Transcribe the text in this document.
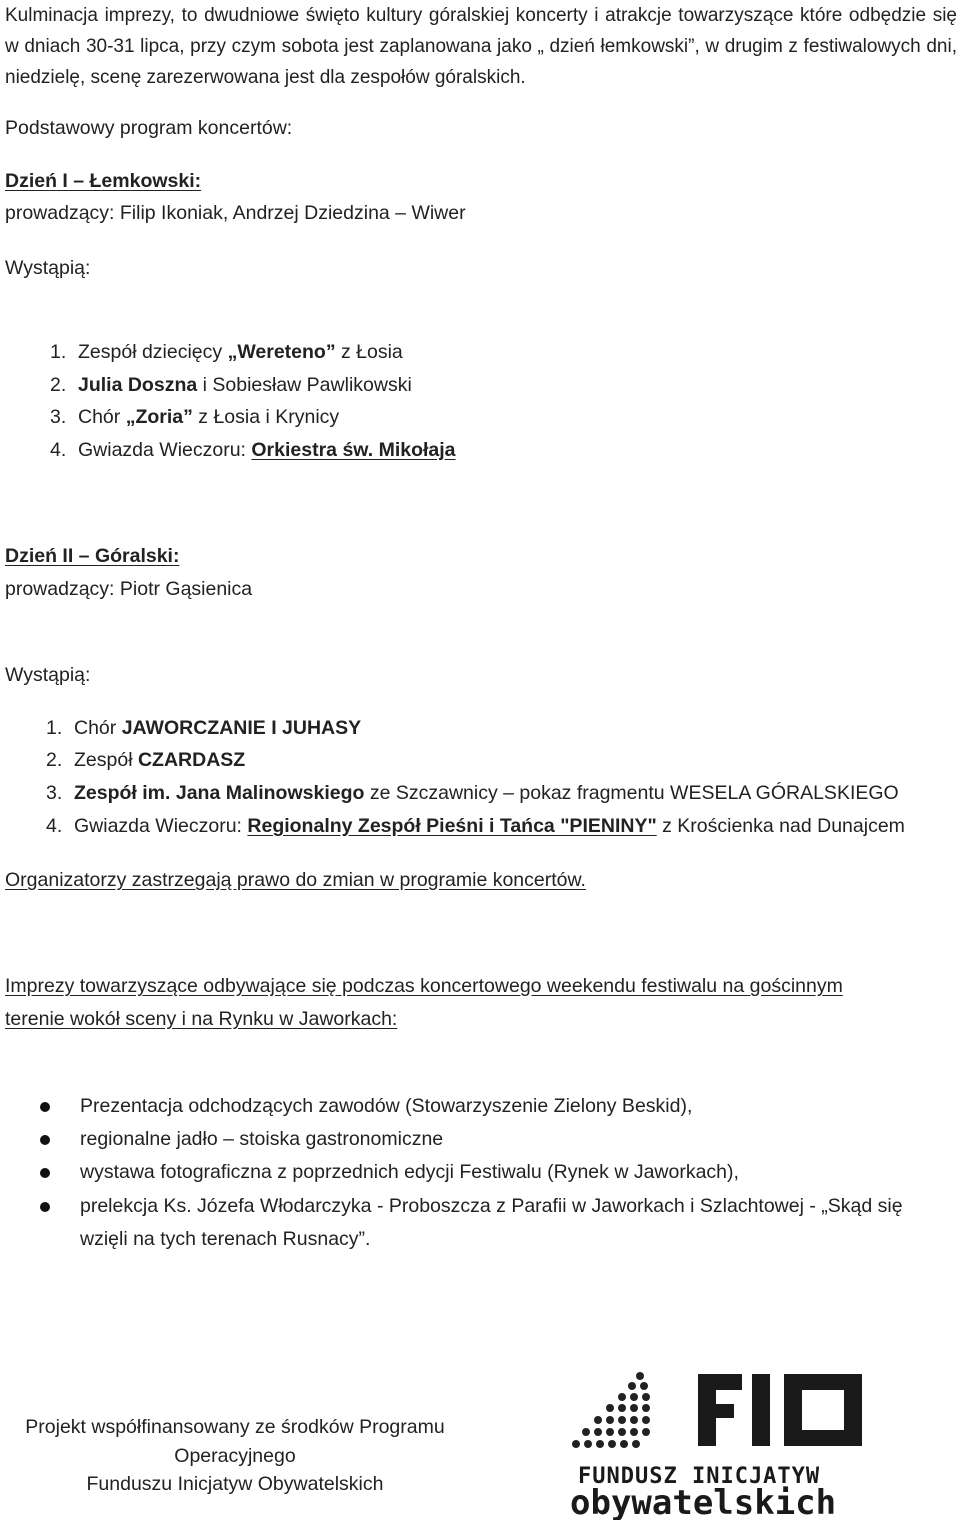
Kulminacja imprezy, to dwudniowe święto kultury góralskiej koncerty i atrakcje towarzyszące które odbędzie się w dniach 30-31 lipca, przy czym sobota jest zaplanowana jako „ dzień łemkowski”, w drugim z festiwalowych dni, niedzielę, scenę zarezerwowana jest dla zespołów góralskich.

Podstawowy program koncertów:

Dzień I – Łemkowski:

prowadzący: Filip Ikoniak, Andrzej Dziedzina – Wiwer

Wystąpią:

1. Zespół dziecięcy „Wereteno” z Łosia
2. Julia Doszna i Sobiesław Pawlikowski
3. Chór „Zoria” z Łosia i Krynicy
4. Gwiazda Wieczoru: Orkiestra św. Mikołaja

Dzień II – Góralski:

prowadzący: Piotr Gąsienica

Wystąpią:

1. Chór JAWORCZANIE I JUHASY
2. Zespół CZARDASZ
3. Zespół im. Jana Malinowskiego ze Szczawnicy – pokaz fragmentu WESELA GÓRALSKIEGO
4. Gwiazda Wieczoru: Regionalny Zespół Pieśni i Tańca "PIENINY" z Krościenka nad Dunajcem

Organizatorzy zastrzegają prawo do zmian w programie koncertów.

Imprezy towarzyszące odbywające się podczas koncertowego weekendu festiwalu na gościnnym

terenie wokół sceny i na Rynku w Jaworkach:

Prezentacja odchodzących zawodów (Stowarzyszenie Zielony Beskid),
regionalne jadło – stoiska gastronomiczne
wystawa fotograficzna z poprzednich edycji Festiwalu (Rynek w Jaworkach),
prelekcja Ks. Józefa Włodarczyka - Proboszcza z Parafii w Jaworkach i Szlachtowej - „Skąd się
wzięli na tych terenach Rusnacy”.
Projekt współfinansowany ze środków Programu
Operacyjnego
Funduszu Inicjatyw Obywatelskich	FUNDUSZ INICJATYW
obywatelskich
